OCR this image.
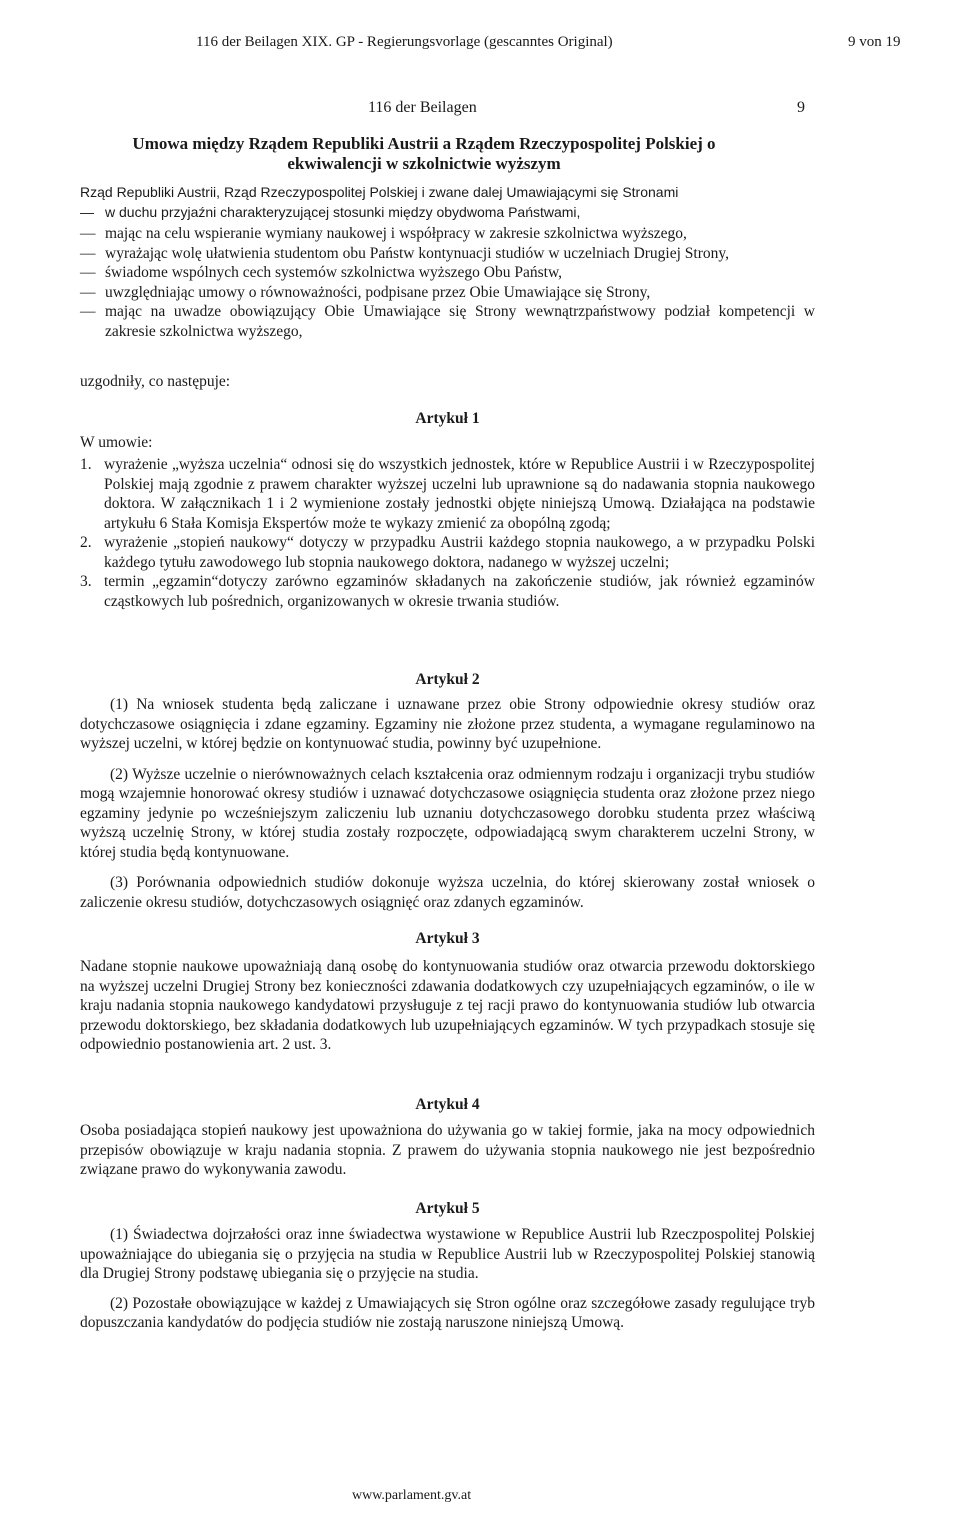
116 der Beilagen XIX. GP - Regierungsvorlage (gescanntes Original)	9 von 19
116 der Beilagen	9
Umowa między Rządem Republiki Austrii a Rządem Rzeczypospolitej Polskiej o
ekwiwalencji w szkolnictwie wyższym
Rząd Republiki Austrii, Rząd Rzeczypospolitej Polskiej i zwane dalej Umawiającymi się Stronami
— w duchu przyjaźni charakteryzującej stosunki między obydwoma Państwami,
— mając na celu wspieranie wymiany naukowej i współpracy w zakresie szkolnictwa wyższego,
— wyrażając wolę ułatwienia studentom obu Państw kontynuacji studiów w uczelniach Drugiej Strony,
— świadome wspólnych cech systemów szkolnictwa wyższego Obu Państw,
— uwzględniając umowy o równoważności, podpisane przez Obie Umawiające się Strony,
— mając na uwadze obowiązujący Obie Umawiające się Strony wewnątrzpaństwowy podział kompetencji w zakresie szkolnictwa wyższego,
uzgodniły, co następuje:
Artykuł 1
W umowie:
1. wyrażenie „wyższa uczelnia“ odnosi się do wszystkich jednostek, które w Republice Austrii i w Rzeczypospolitej Polskiej mają zgodnie z prawem charakter wyższej uczelni lub uprawnione są do nadawania stopnia naukowego doktora. W załącznikach 1 i 2 wymienione zostały jednostki objęte niniejszą Umową. Działająca na podstawie artykułu 6 Stała Komisja Ekspertów może te wykazy zmienić za obopólną zgodą;
2. wyrażenie „stopień naukowy“ dotyczy w przypadku Austrii każdego stopnia naukowego, a w przypadku Polski każdego tytułu zawodowego lub stopnia naukowego doktora, nadanego w wyższej uczelni;
3. termin „egzamin“dotyczy zarówno egzaminów składanych na zakończenie studiów, jak również egzaminów cząstkowych lub pośrednich, organizowanych w okresie trwania studiów.
Artykuł 2

(1) Na wniosek studenta będą zaliczane i uznawane przez obie Strony odpowiednie okresy studiów oraz dotychczasowe osiągnięcia i zdane egzaminy. Egzaminy nie złożone przez studenta, a wymagane regulaminowo na wyższej uczelni, w której będzie on kontynuować studia, powinny być uzupełnione.

(2) Wyższe uczelnie o nierównoważnych celach kształcenia oraz odmiennym rodzaju i organizacji trybu studiów mogą wzajemnie honorować okresy studiów i uznawać dotychczasowe osiągnięcia studenta oraz złożone przez niego egzaminy jedynie po wcześniejszym zaliczeniu lub uznaniu dotychczasowego dorobku studenta przez właściwą wyższą uczelnię Strony, w której studia zostały rozpoczęte, odpowiadającą swym charakterem uczelni Strony, w której studia będą kontynuowane.

(3) Porównania odpowiednich studiów dokonuje wyższa uczelnia, do której skierowany został wniosek o zaliczenie okresu studiów, dotychczasowych osiągnięć oraz zdanych egzaminów.

Artykuł 3

Nadane stopnie naukowe upoważniają daną osobę do kontynuowania studiów oraz otwarcia przewodu doktorskiego na wyższej uczelni Drugiej Strony bez konieczności zdawania dodatkowych czy uzupełniających egzaminów, o ile w kraju nadania stopnia naukowego kandydatowi przysługuje z tej racji prawo do kontynuowania studiów lub otwarcia przewodu doktorskiego, bez składania dodatkowych lub uzupełniających egzaminów. W tych przypadkach stosuje się odpowiednio postanowienia art. 2 ust. 3.

Artykuł 4

Osoba posiadająca stopień naukowy jest upoważniona do używania go w takiej formie, jaka na mocy odpowiednich przepisów obowiązuje w kraju nadania stopnia. Z prawem do używania stopnia naukowego nie jest bezpośrednio związane prawo do wykonywania zawodu.

Artykuł 5

(1) Świadectwa dojrzałości oraz inne świadectwa wystawione w Republice Austrii lub Rzeczpospolitej Polskiej upoważniające do ubiegania się o przyjęcia na studia w Republice Austrii lub w Rzeczypospolitej Polskiej stanowią dla Drugiej Strony podstawę ubiegania się o przyjęcie na studia.

(2) Pozostałe obowiązujące w każdej z Umawiających się Stron ogólne oraz szczegółowe zasady regulujące tryb dopuszczania kandydatów do podjęcia studiów nie zostają naruszone niniejszą Umową.

www.parlament.gv.at
